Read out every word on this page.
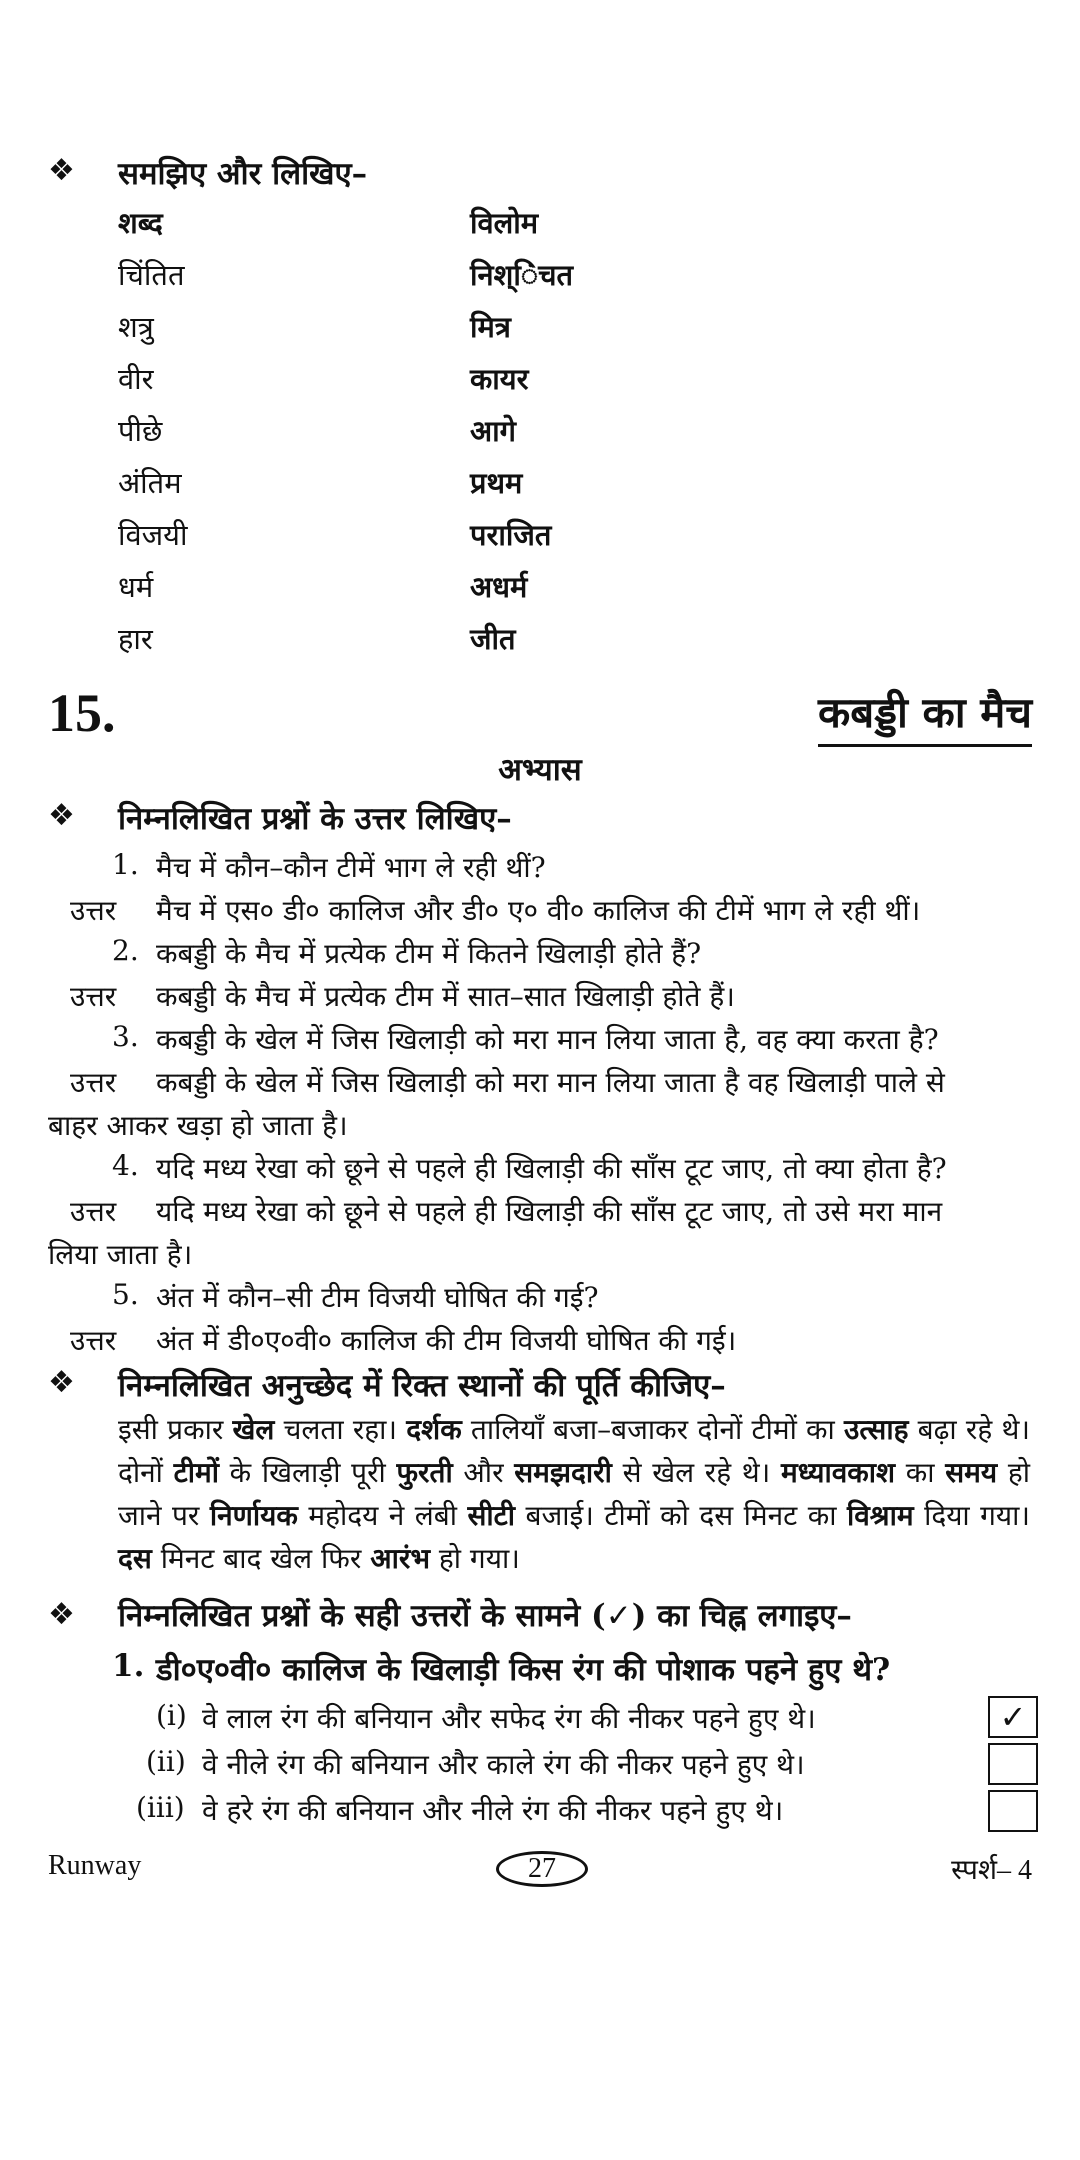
❖ समझिए और लिखिए–
शब्द	विलोम
चिंतित	निश्िंचत
शत्रु	मित्र
वीर	कायर
पीछे	आगे
अंतिम	प्रथम
विजयी	पराजित
धर्म	अधर्म
हार	जीत
15.	कबड्डी का मैच
अभ्यास
❖ निम्नलिखित प्रश्नों के उत्तर लिखिए–
1. मैच में कौन–कौन टीमें भाग ले रही थीं?
उत्तर मैच में एस० डी० कालिज और डी० ए० वी० कालिज की टीमें भाग ले रही थीं।
2. कबड्डी के मैच में प्रत्येक टीम में कितने खिलाड़ी होते हैं?
उत्तर कबड्डी के मैच में प्रत्येक टीम में सात–सात खिलाड़ी होते हैं।
3. कबड्डी के खेल में जिस खिलाड़ी को मरा मान लिया जाता है, वह क्या करता है?
उत्तर कबड्डी के खेल में जिस खिलाड़ी को मरा मान लिया जाता है वह खिलाड़ी पाले से
बाहर आकर खड़ा हो जाता है।
4. यदि मध्य रेखा को छूने से पहले ही खिलाड़ी की साँस टूट जाए, तो क्या होता है?
उत्तर यदि मध्य रेखा को छूने से पहले ही खिलाड़ी की साँस टूट जाए, तो उसे मरा मान
लिया जाता है।
5. अंत में कौन–सी टीम विजयी घोषित की गई?
उत्तर अंत में डी०ए०वी० कालिज की टीम विजयी घोषित की गई।
❖ निम्नलिखित अनुच्छेद में रिक्त स्थानों की पूर्ति कीजिए–

इसी प्रकार खेल चलता रहा। दर्शक तालियाँ बजा–बजाकर दोनों टीमों का उत्साह बढ़ा रहे थे। दोनों टीमों के खिलाड़ी पूरी फुरती और समझदारी से खेल रहे थे। मध्यावकाश का समय हो जाने पर निर्णायक महोदय ने लंबी सीटी बजाई। टीमों को दस मिनट का विश्राम दिया गया। दस मिनट बाद खेल फिर आरंभ हो गया।

❖ निम्नलिखित प्रश्नों के सही उत्तरों के सामने (✓) का चिह्न लगाइए–
1. डी०ए०वी० कालिज के खिलाड़ी किस रंग की पोशाक पहने हुए थे?
(i) वे लाल रंग की बनियान और सफेद रंग की नीकर पहने हुए थे।	✓
(ii) वे नीले रंग की बनियान और काले रंग की नीकर पहने हुए थे।
(iii) वे हरे रंग की बनियान और नीले रंग की नीकर पहने हुए थे।
Runway	27	स्पर्श– 4
